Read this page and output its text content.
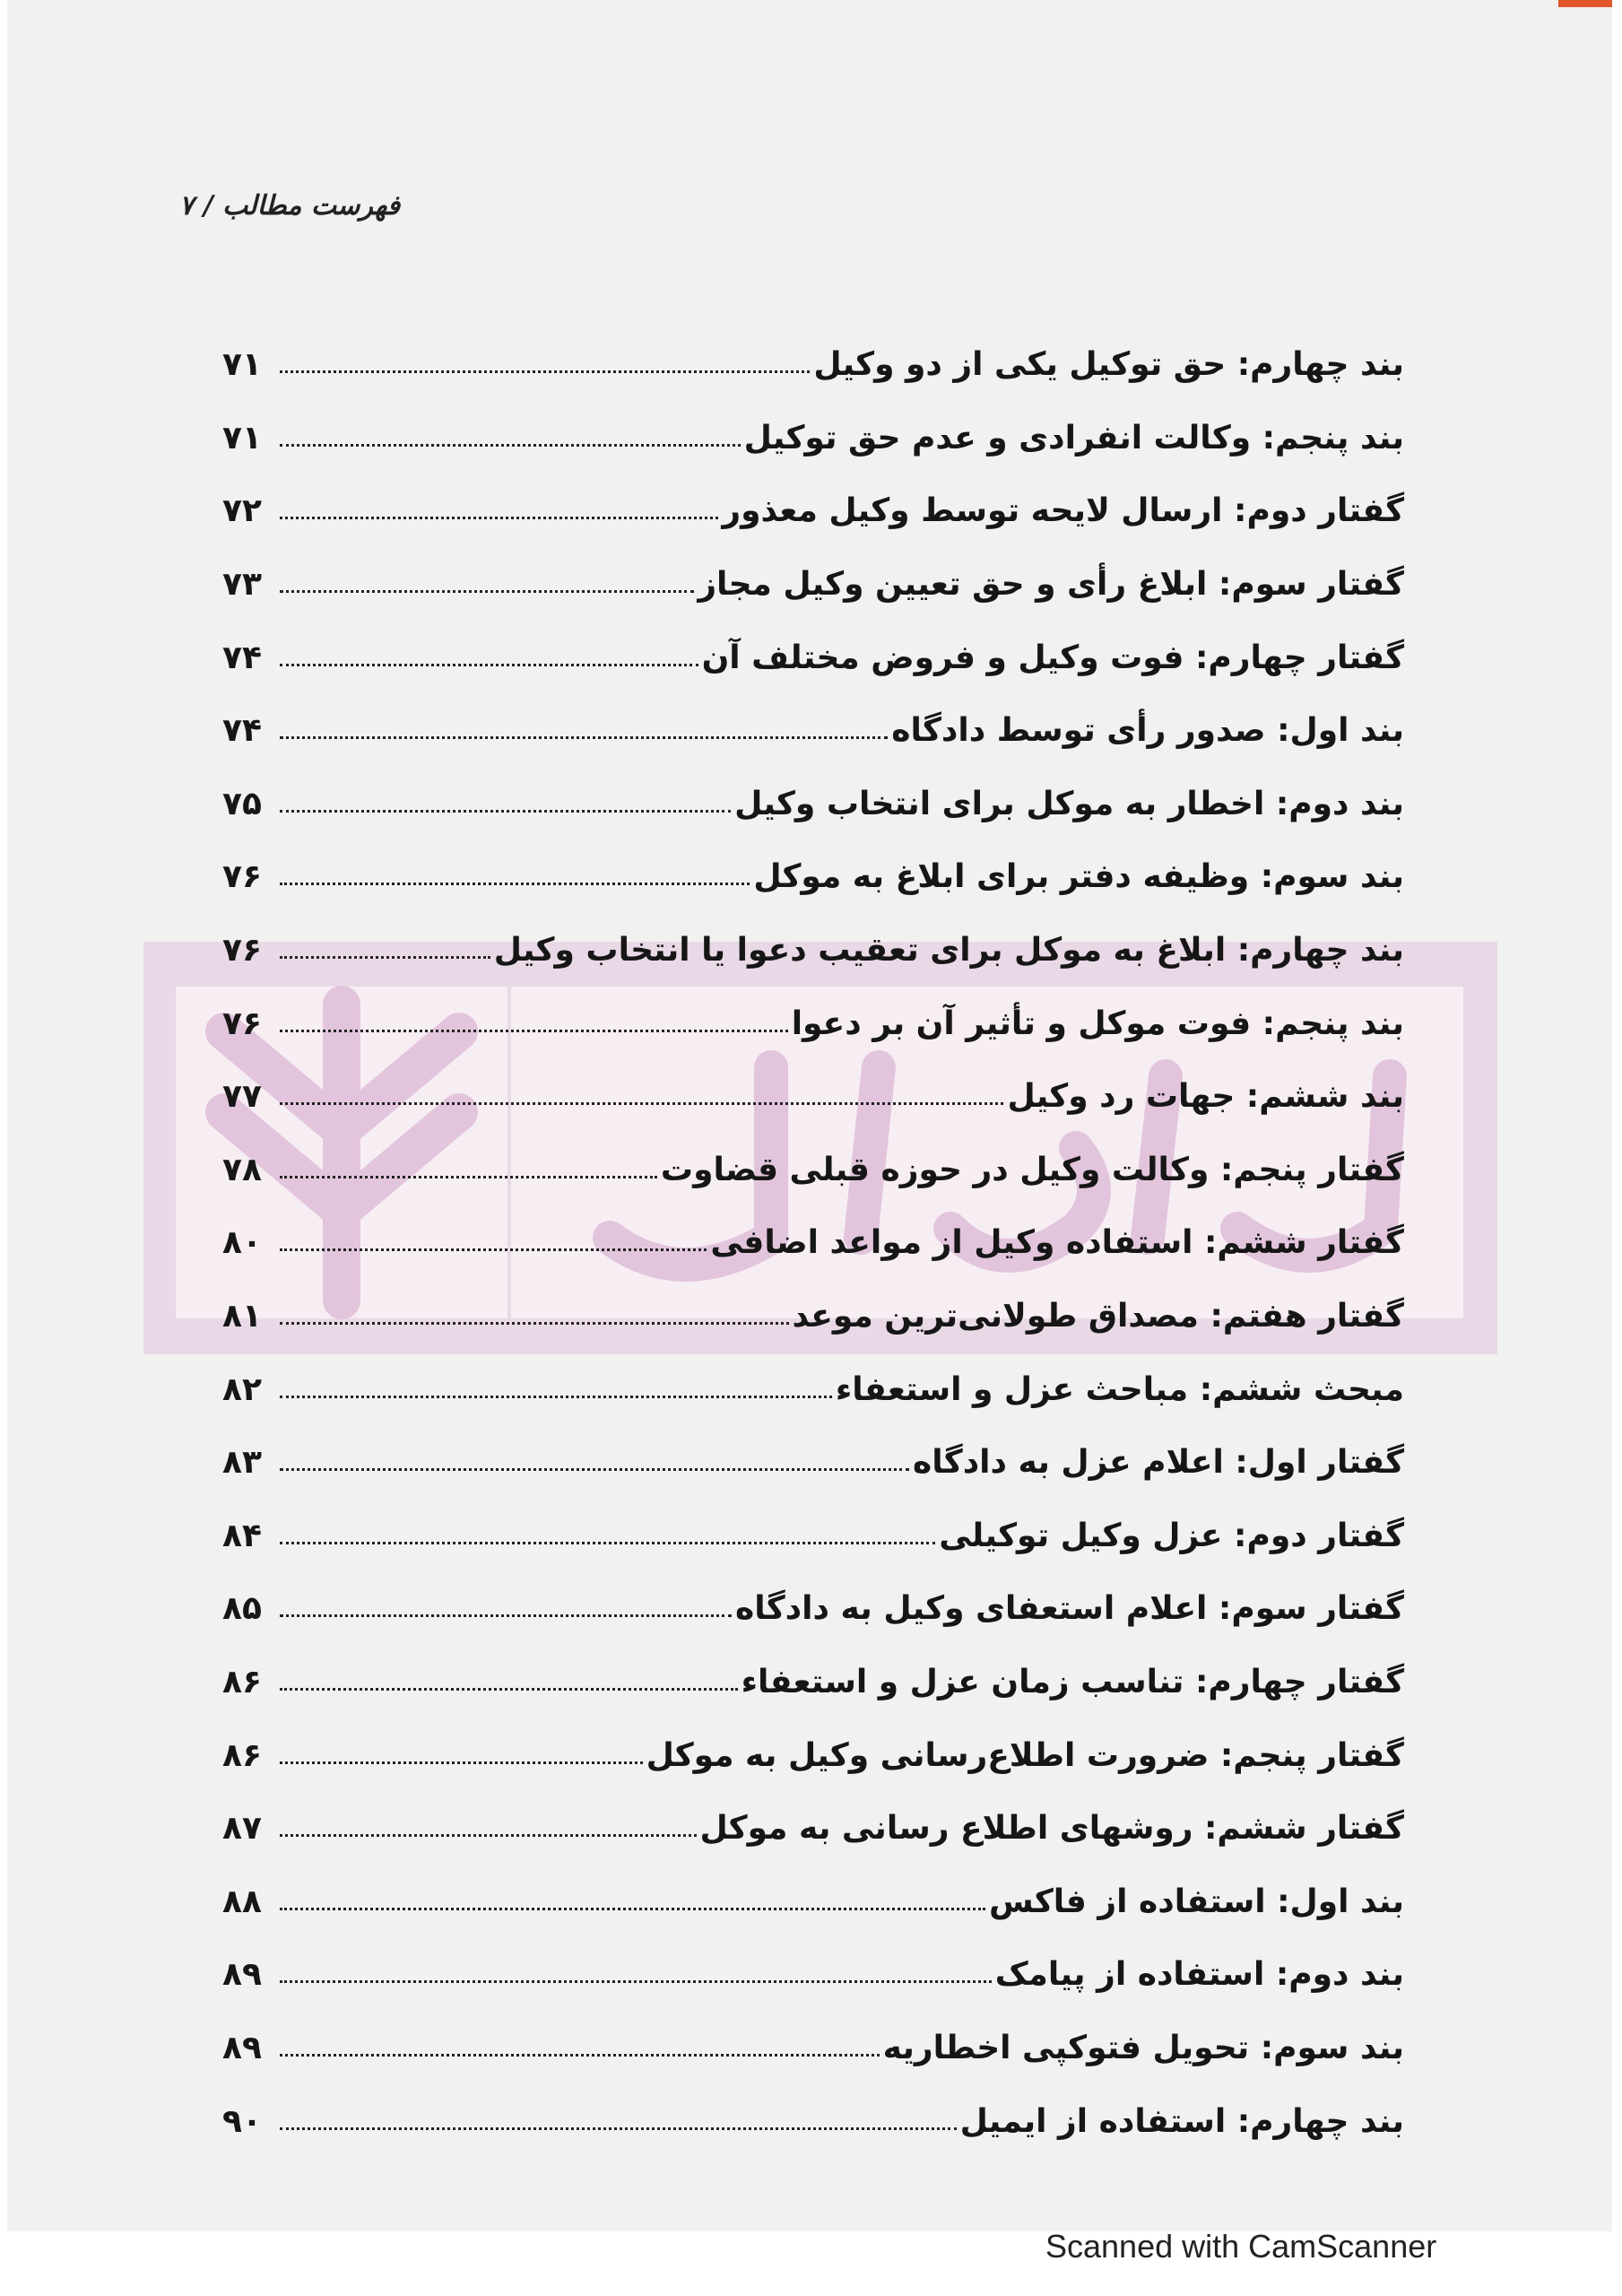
فهرست مطالب / ۷
بند چهارم: حق توکیل یکی از دو وکیل
۷۱
بند پنجم: وکالت انفرادی و عدم حق توکیل
۷۱
گفتار دوم: ارسال لایحه توسط وکیل معذور
۷۲
گفتار سوم: ابلاغ رأی و حق تعیین وکیل مجاز
۷۳
گفتار چهارم: فوت وکیل و فروض مختلف آن
۷۴
بند اول: صدور رأی توسط دادگاه
۷۴
بند دوم: اخطار به موکل برای انتخاب وکیل
۷۵
بند سوم: وظیفه دفتر برای ابلاغ به موکل
۷۶
بند چهارم: ابلاغ به موکل برای تعقیب دعوا یا انتخاب وکیل
۷۶
بند پنجم: فوت موکل و تأثیر آن بر دعوا
۷۶
بند ششم: جهات رد وکیل
۷۷
گفتار پنجم: وکالت وکیل در حوزه قبلی قضاوت
۷۸
گفتار ششم: استفاده وکیل از مواعد اضافی
۸۰
گفتار هفتم: مصداق طولانی‌ترین موعد
۸۱
مبحث ششم: مباحث عزل و استعفاء
۸۲
گفتار اول: اعلام عزل به دادگاه
۸۳
گفتار دوم: عزل وکیل توکیلی
۸۴
گفتار سوم: اعلام استعفای وکیل به دادگاه
۸۵
گفتار چهارم: تناسب زمان عزل و استعفاء
۸۶
گفتار پنجم: ضرورت اطلاع‌رسانی وکیل به موکل
۸۶
گفتار ششم: روشهای اطلاع رسانی به موکل
۸۷
بند اول: استفاده از فاکس
۸۸
بند دوم: استفاده از پیامک
۸۹
بند سوم: تحویل فتوکپی اخطاریه
۸۹
بند چهارم: استفاده از ایمیل
۹۰
Scanned with CamScanner
